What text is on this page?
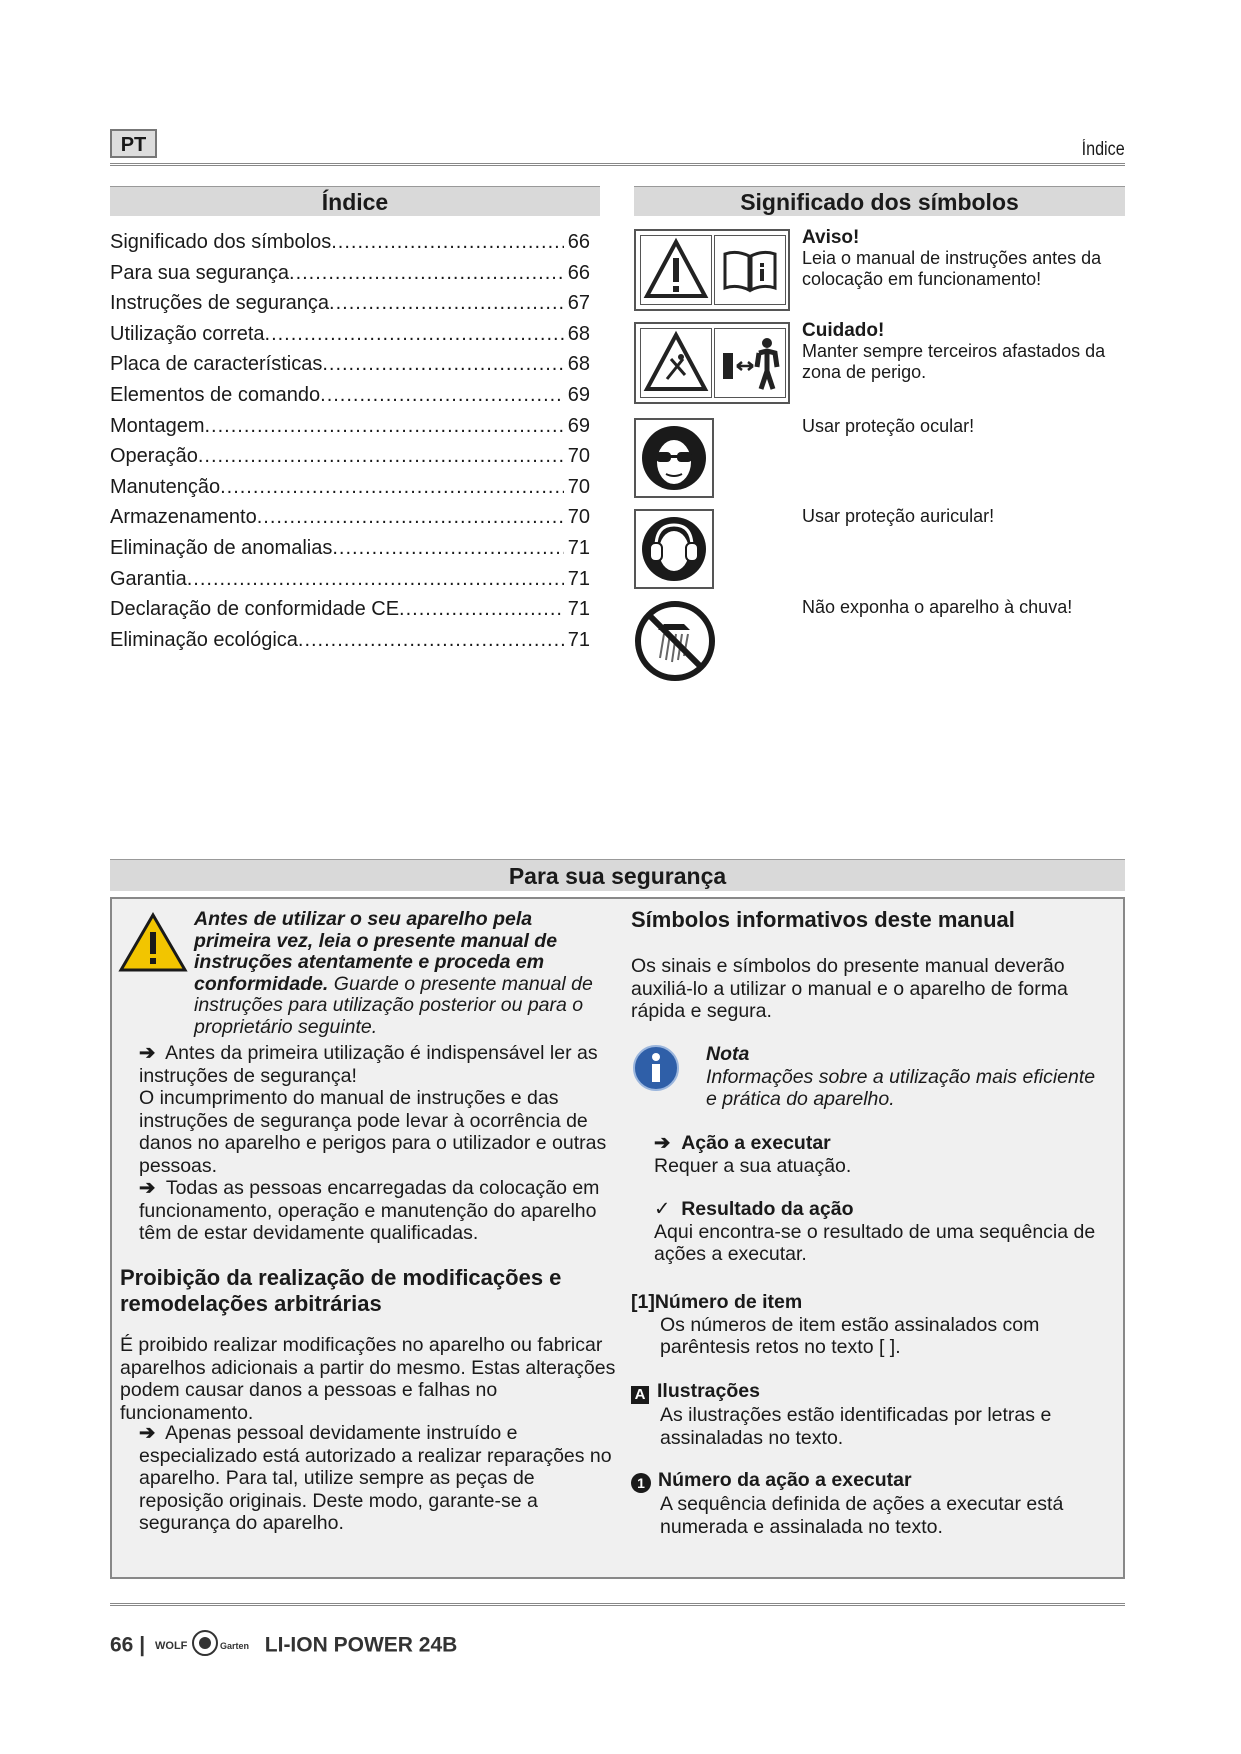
PT	Índice
Índice
Significado dos símbolos .....	66
Para sua segurança .....	66
Instruções de segurança .....	67
Utilização correta .....	68
Placa de características .....	68
Elementos de comando .....	69
Montagem .....	69
Operação .....	70
Manutenção .....	70
Armazenamento .....	70
Eliminação de anomalias .....	71
Garantia .....	71
Declaração de conformidade CE .....	71
Eliminação ecológica .....	71
Significado dos símbolos
Aviso!
Leia o manual de instruções antes da colocação em funcionamento!
Cuidado!
Manter sempre terceiros afastados da zona de perigo.
Usar proteção ocular!
Usar proteção auricular!
Não exponha o aparelho à chuva!
Para sua segurança
Antes de utilizar o seu aparelho pela primeira vez, leia o presente manual de instruções atentamente e proceda em conformidade. Guarde o presente manual de instruções para utilização posterior ou para o proprietário seguinte.
➔ Antes da primeira utilização é indispensável ler as instruções de segurança!
O incumprimento do manual de instruções e das instruções de segurança pode levar à ocorrência de danos no aparelho e perigos para o utilizador e outras pessoas.
➔ Todas as pessoas encarregadas da colocação em funcionamento, operação e manutenção do aparelho têm de estar devidamente qualificadas.
Proibição da realização de modificações e remodelações arbitrárias
É proibido realizar modificações no aparelho ou fabricar aparelhos adicionais a partir do mesmo. Estas alterações podem causar danos a pessoas e falhas no funcionamento.
➔ Apenas pessoal devidamente instruído e especializado está autorizado a realizar reparações no aparelho. Para tal, utilize sempre as peças de reposição originais. Deste modo, garante-se a segurança do aparelho.
Símbolos informativos deste manual
Os sinais e símbolos do presente manual deverão auxiliá-lo a utilizar o manual e o aparelho de forma rápida e segura.
Nota
Informações sobre a utilização mais eficiente e prática do aparelho.
➔ Ação a executar
Requer a sua atuação.
✓ Resultado da ação
Aqui encontra-se o resultado de uma sequência de ações a executar.
[1]Número de item
Os números de item estão assinalados com parêntesis retos no texto [ ].
A Ilustrações
As ilustrações estão identificadas por letras e assinaladas no texto.
1 Número da ação a executar
A sequência definida de ações a executar está numerada e assinalada no texto.
66 | WOLF	Garten LI-ION POWER 24B
